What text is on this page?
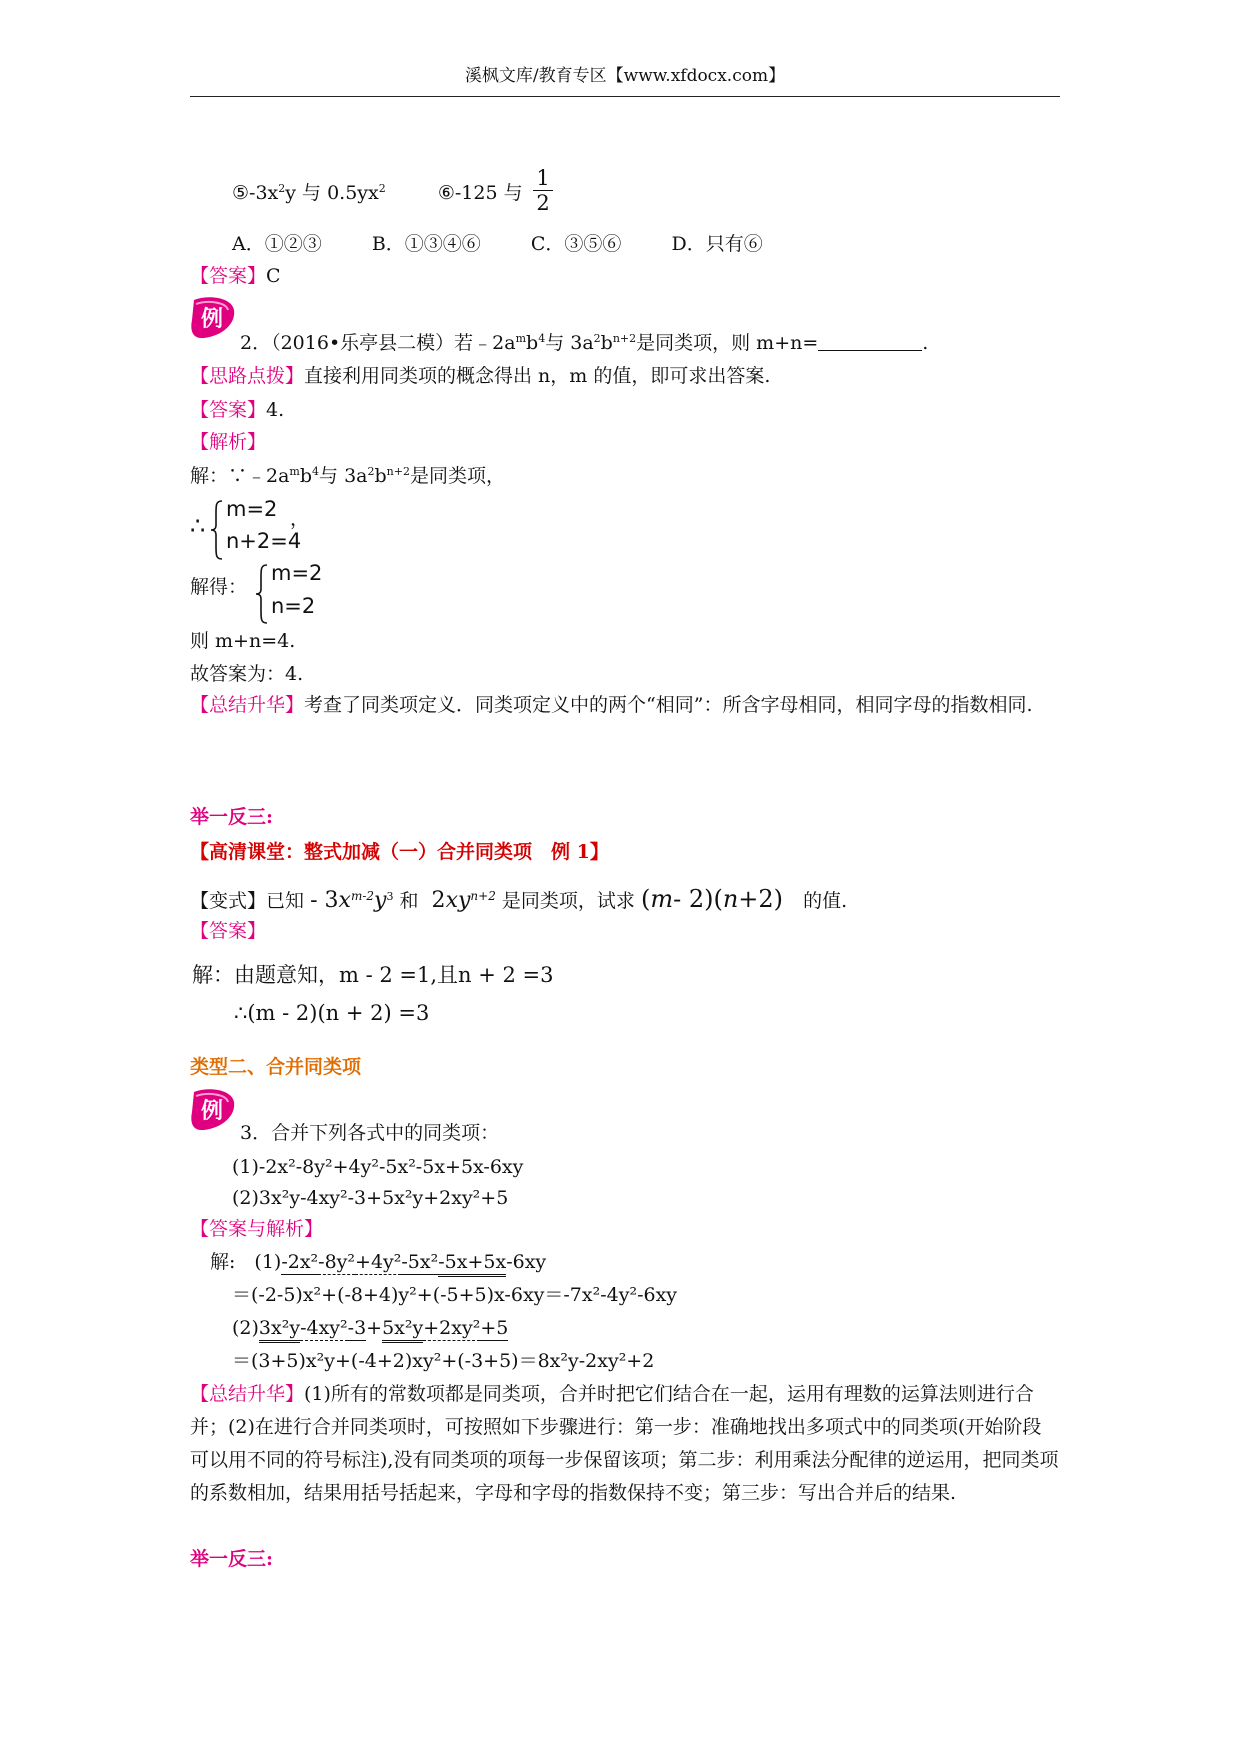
溪枫文库/教育专区【www.xfdocx.com】
$⑤-3x^2y$ 与 $0.5yx^2$	⑥-125 与
1
2
A．①②③	B．①③④⑥	C．③⑤⑥	D．只有⑥
【答案】C
例
2．（2016•乐亭县二模）若$﹣2a^mb^4$与 $3a^2b^{n+2}$是同类项，则 m+n=	.
【思路点拨】直接利用同类项的概念得出 n，m 的值，即可求出答案.
【答案】4.
【解析】
解：$\because﹣2a^mb^4$与 $3a^2b^{n+2}$是同类项，
∴
m=2
n+2=4
，
解得：
m=2
n=2
则 m+n=4.
故答案为：4.
【总结升华】考查了同类项定义．同类项定义中的两个“相同”：所含字母相同，相同字母的指数相同.
举一反三:
【高清课堂：整式加减（一）合并同类项　例 1】
【变式】已知 - $3x^{m-2}y^3$ 和  $2xy^{n+2}$ 是同类项，试求 (m- 2)(n+2) 的值.
【答案】
解：由题意知，m - 2 =1,且n + 2 =3
∴(m - 2)(n + 2) =3
类型二、合并同类项
例
3．合并下列各式中的同类项：
(1)-2x²-8y²+4y²-5x²-5x+5x-6xy
(2)3x²y-4xy²-3+5x²y+2xy²+5
【答案与解析】
解:　(1)-2x²-8y²+4y²-5x²-5x+5x-6xy
＝(-2-5)x²+(-8+4)y²+(-5+5)x-6xy＝-7x²-4y²-6xy
(2)3x²y-4xy²-3+5x²y+2xy²+5
＝(3+5)x²y+(-4+2)xy²+(-3+5)＝8x²y-2xy²+2
【总结升华】(1)所有的常数项都是同类项，合并时把它们结合在一起，运用有理数的运算法则进行合并；(2)在进行合并同类项时，可按照如下步骤进行：第一步：准确地找出多项式中的同类项(开始阶段可以用不同的符号标注),没有同类项的项每一步保留该项；第二步：利用乘法分配律的逆运用，把同类项的系数相加，结果用括号括起来，字母和字母的指数保持不变；第三步：写出合并后的结果.
举一反三:
